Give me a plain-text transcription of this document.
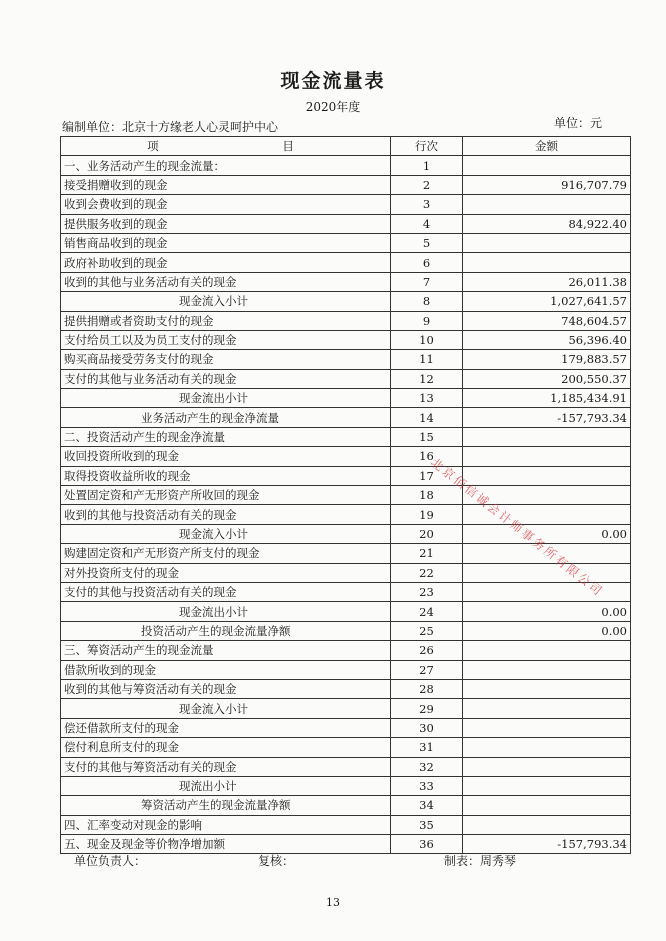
现金流量表
2020年度
编制单位：北京十方缘老人心灵呵护中心	单位：元
项 目	行次	金额
一、业务活动产生的现金流量：	1	
接受捐赠收到的现金	2	916,707.79
收到会费收到的现金	3	
提供服务收到的现金	4	84,922.40
销售商品收到的现金	5	
政府补助收到的现金	6	
收到的其他与业务活动有关的现金	7	26,011.38
现金流入小计	8	1,027,641.57
提供捐赠或者资助支付的现金	9	748,604.57
支付给员工以及为员工支付的现金	10	56,396.40
购买商品接受劳务支付的现金	11	179,883.57
支付的其他与业务活动有关的现金	12	200,550.37
现金流出小计	13	1,185,434.91
业务活动产生的现金净流量	14	-157,793.34
二、投资活动产生的现金净流量	15	
收回投资所收到的现金	16	
取得投资收益所收的现金	17	
处置固定资和产无形资产所收回的现金	18	
收到的其他与投资活动有关的现金	19	
现金流入小计	20	0.00
购建固定资和产无形资产所支付的现金	21	
对外投资所支付的现金	22	
支付的其他与投资活动有关的现金	23	
现金流出小计	24	0.00
投资活动产生的现金流量净额	25	0.00
三、筹资活动产生的现金流量	26	
借款所收到的现金	27	
收到的其他与筹资活动有关的现金	28	
现金流入小计	29	
偿还借款所支付的现金	30	
偿付利息所支付的现金	31	
支付的其他与筹资活动有关的现金	32	
现流出小计	33	
筹资活动产生的现金流量净额	34	
四、汇率变动对现金的影响	35	
五、现金及现金等价物净增加额	36	-157,793.34
单位负责人：	复核：	制表：周秀琴
13
北
京
佰
信
诚
会
计
师
事
务
所
有
限
公
司
